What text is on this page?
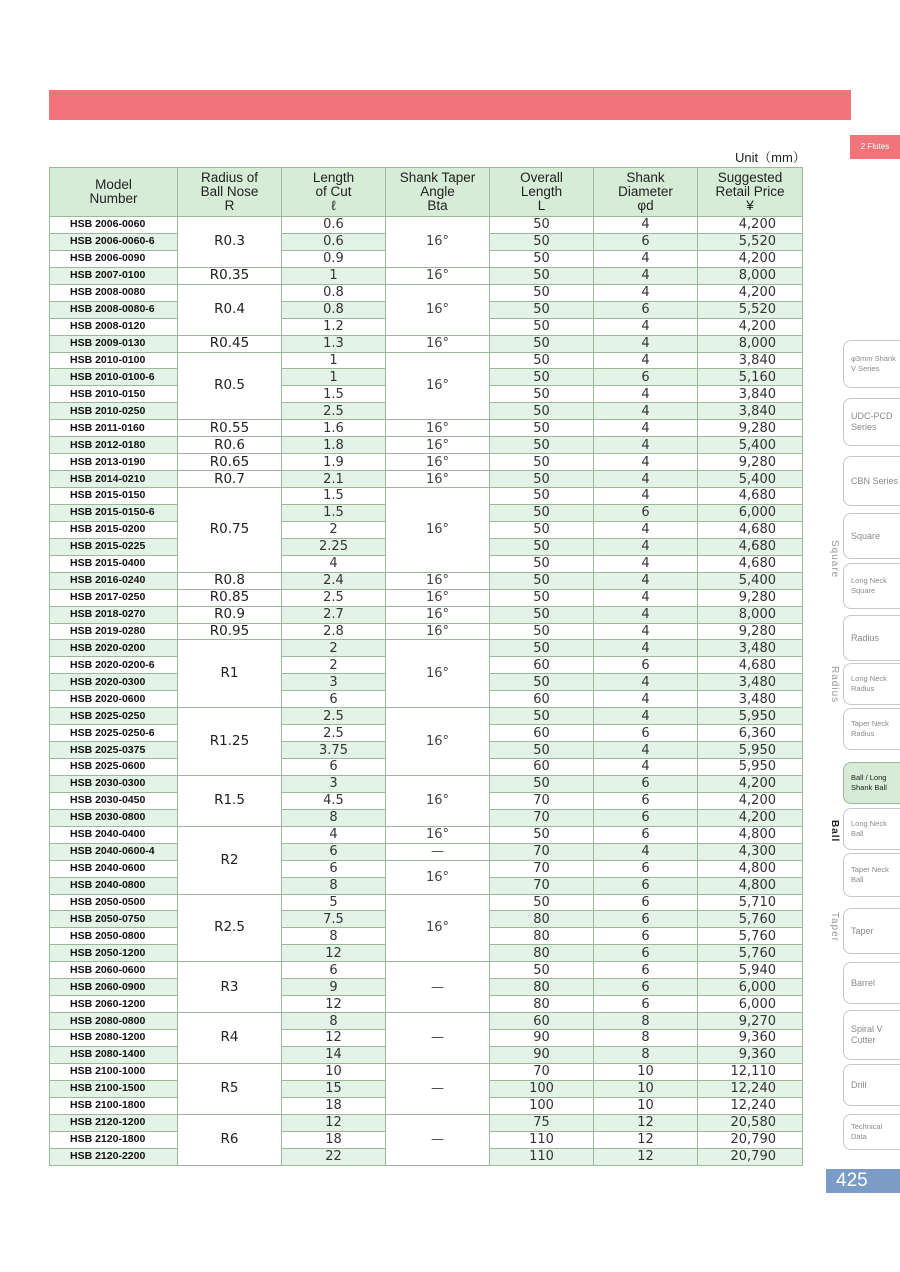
2 Flutes
Unit（mm）
Model
Number	Radius of
Ball Nose
R	Length
of Cut
ℓ	Shank Taper
Angle
Bta	Overall
Length
L	Shank
Diameter
φd	Suggested
Retail Price
¥
HSB 2006-0060	R0.3	0.6	16°	50	4	4,200
HSB 2006-0060-6		0.6		50	6	5,520
HSB 2006-0090		0.9		50	4	4,200
HSB 2007-0100	R0.35	1	16°	50	4	8,000
HSB 2008-0080	R0.4	0.8	16°	50	4	4,200
HSB 2008-0080-6		0.8		50	6	5,520
HSB 2008-0120		1.2		50	4	4,200
HSB 2009-0130	R0.45	1.3	16°	50	4	8,000
HSB 2010-0100	R0.5	1	16°	50	4	3,840
HSB 2010-0100-6		1		50	6	5,160
HSB 2010-0150		1.5		50	4	3,840
HSB 2010-0250		2.5		50	4	3,840
HSB 2011-0160	R0.55	1.6	16°	50	4	9,280
HSB 2012-0180	R0.6	1.8	16°	50	4	5,400
HSB 2013-0190	R0.65	1.9	16°	50	4	9,280
HSB 2014-0210	R0.7	2.1	16°	50	4	5,400
HSB 2015-0150	R0.75	1.5	16°	50	4	4,680
HSB 2015-0150-6		1.5		50	6	6,000
HSB 2015-0200		2		50	4	4,680
HSB 2015-0225		2.25		50	4	4,680
HSB 2015-0400		4		50	4	4,680
HSB 2016-0240	R0.8	2.4	16°	50	4	5,400
HSB 2017-0250	R0.85	2.5	16°	50	4	9,280
HSB 2018-0270	R0.9	2.7	16°	50	4	8,000
HSB 2019-0280	R0.95	2.8	16°	50	4	9,280
HSB 2020-0200	R1	2	16°	50	4	3,480
HSB 2020-0200-6		2		60	6	4,680
HSB 2020-0300		3		50	4	3,480
HSB 2020-0600		6		60	4	3,480
HSB 2025-0250	R1.25	2.5	16°	50	4	5,950
HSB 2025-0250-6		2.5		60	6	6,360
HSB 2025-0375		3.75		50	4	5,950
HSB 2025-0600		6		60	4	5,950
HSB 2030-0300	R1.5	3	16°	50	6	4,200
HSB 2030-0450		4.5		70	6	4,200
HSB 2030-0800		8		70	6	4,200
HSB 2040-0400	R2	4	16°	50	6	4,800
HSB 2040-0600-4		6	—	70	4	4,300
HSB 2040-0600		6	16°	70	6	4,800
HSB 2040-0800		8		70	6	4,800
HSB 2050-0500	R2.5	5	16°	50	6	5,710
HSB 2050-0750		7.5		80	6	5,760
HSB 2050-0800		8		80	6	5,760
HSB 2050-1200		12		80	6	5,760
HSB 2060-0600	R3	6	—	50	6	5,940
HSB 2060-0900		9		80	6	6,000
HSB 2060-1200		12		80	6	6,000
HSB 2080-0800	R4	8	—	60	8	9,270
HSB 2080-1200		12		90	8	9,360
HSB 2080-1400		14		90	8	9,360
HSB 2100-1000	R5	10	—	70	10	12,110
HSB 2100-1500		15		100	10	12,240
HSB 2100-1800		18		100	10	12,240
HSB 2120-1200	R6	12	—	75	12	20,580
HSB 2120-1800		18		110	12	20,790
HSB 2120-2200		22		110	12	20,790
φ3mm Shank V Series
UDC-PCD Series
CBN Series
Square
Long Neck Square
Radius
Long Neck Radius
Taper Neck Radius
Ball / Long Shank Ball
Long Neck Ball
Taper Neck Ball
Taper
Barrel
Spiral V Cutter
Drill
Technical Data
Square
Radius
Ball
Taper
425
